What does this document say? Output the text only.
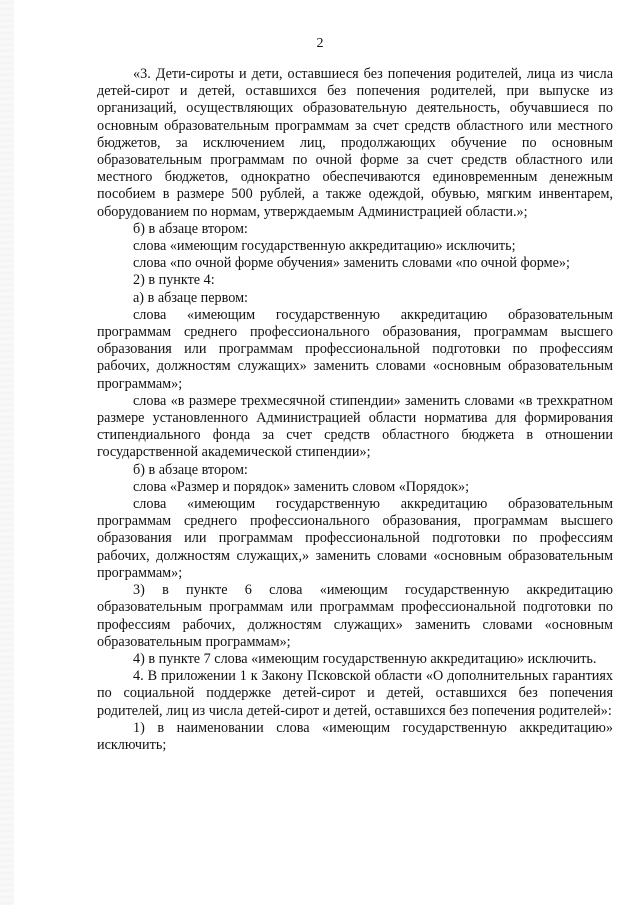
2

«3. Дети-сироты и дети, оставшиеся без попечения родителей, лица из числа детей-сирот и детей, оставшихся без попечения родителей, при выпуске из организаций, осуществляющих образовательную деятельность, обучавшиеся по основным образовательным программам за счет средств областного или местного бюджетов, за исключением лиц, продолжающих обучение по основным образовательным программам по очной форме за счет средств областного или местного бюджетов, однократно обеспечиваются единовременным денежным пособием в размере 500 рублей, а также одеждой, обувью, мягким инвентарем, оборудованием по нормам, утверждаемым Администрацией области.»;

б) в абзаце втором:

слова «имеющим государственную аккредитацию» исключить;

слова «по очной форме обучения» заменить словами «по очной форме»;

2) в пункте 4:

а) в абзаце первом:

слова «имеющим государственную аккредитацию образовательным программам среднего профессионального образования, программам высшего образования или программам профессиональной подготовки по профессиям рабочих, должностям служащих» заменить словами «основным образовательным программам»;

слова «в размере трехмесячной стипендии» заменить словами «в трехкратном размере установленного Администрацией области норматива для формирования стипендиального фонда за счет средств областного бюджета в отношении государственной академической стипендии»;

б) в абзаце втором:

слова «Размер и порядок» заменить словом «Порядок»;

слова «имеющим государственную аккредитацию образовательным программам среднего профессионального образования, программам высшего образования или программам профессиональной подготовки по профессиям рабочих, должностям служащих,» заменить словами «основным образовательным программам»;

3) в пункте 6 слова «имеющим государственную аккредитацию образовательным программам или программам профессиональной подготовки по профессиям рабочих, должностям служащих» заменить словами «основным образовательным программам»;

4) в пункте 7 слова «имеющим государственную аккредитацию» исключить.

4. В приложении 1 к Закону Псковской области «О дополнительных гарантиях по социальной поддержке детей-сирот и детей, оставшихся без попечения родителей, лиц из числа детей-сирот и детей, оставшихся без попечения родителей»:

1) в наименовании слова «имеющим государственную аккредитацию» исключить;
